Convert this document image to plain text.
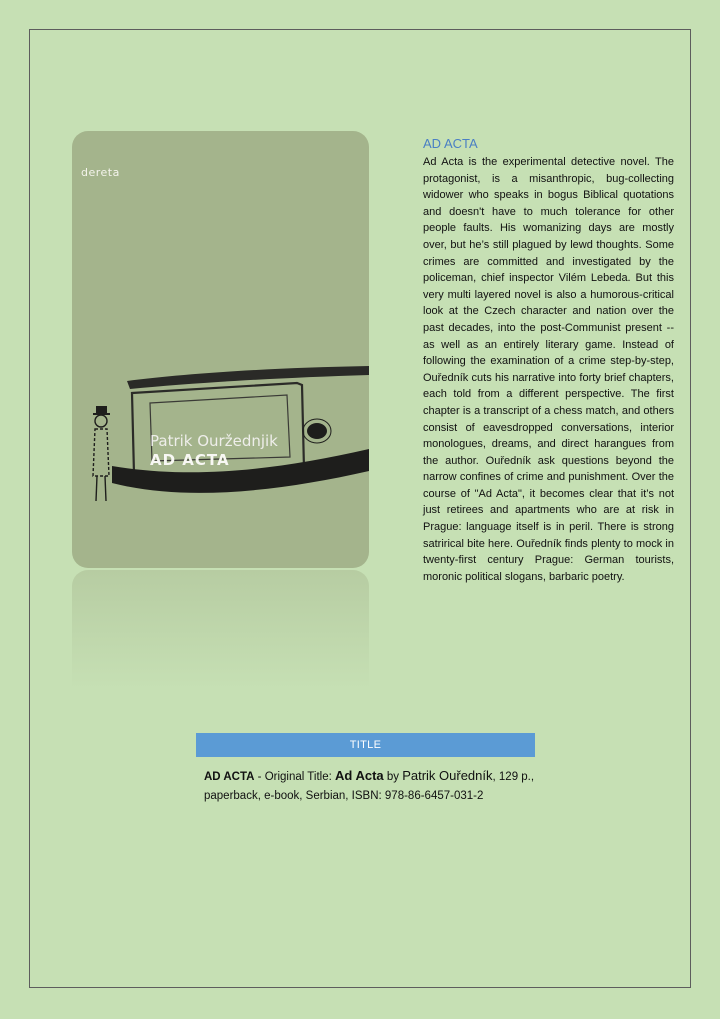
dereta
Patrik Ouržednjik
AD ACTA
AD ACTA

Ad Acta is the experimental detective novel. The protagonist, is a misanthropic, bug-collecting widower who speaks in bogus Biblical quotations and doesn't have to much tolerance for other people faults. His womanizing days are mostly over, but he’s still plagued by lewd thoughts. Some crimes are committed and investigated by the policeman, chief inspector Vilém Lebeda. But this very multi layered novel is also a humorous-critical look at the Czech character and nation over the past decades, into the post-Communist present -- as well as an entirely literary game. Instead of following the examination of a crime step-by-step, Ouředník cuts his narrative into forty brief chapters, each told from a different perspective. The first chapter is a transcript of a chess match, and others consist of eavesdropped conversations, interior monologues, dreams, and direct harangues from the author. Ouředník ask questions beyond the narrow confines of crime and punishment. Over the course of "Ad Acta", it becomes clear that it’s not just retirees and apartments who are at risk in Prague: language itself is in peril. There is strong satrirical bite here. Ouředník finds plenty to mock in twenty-first century Prague: German tourists, moronic political slogans, barbaric poetry.

TITLE
AD ACTA - Original Title: Ad Acta by Patrik Ouředník, 129 p., paperback, e-book, Serbian, ISBN: 978-86-6457-031-2
